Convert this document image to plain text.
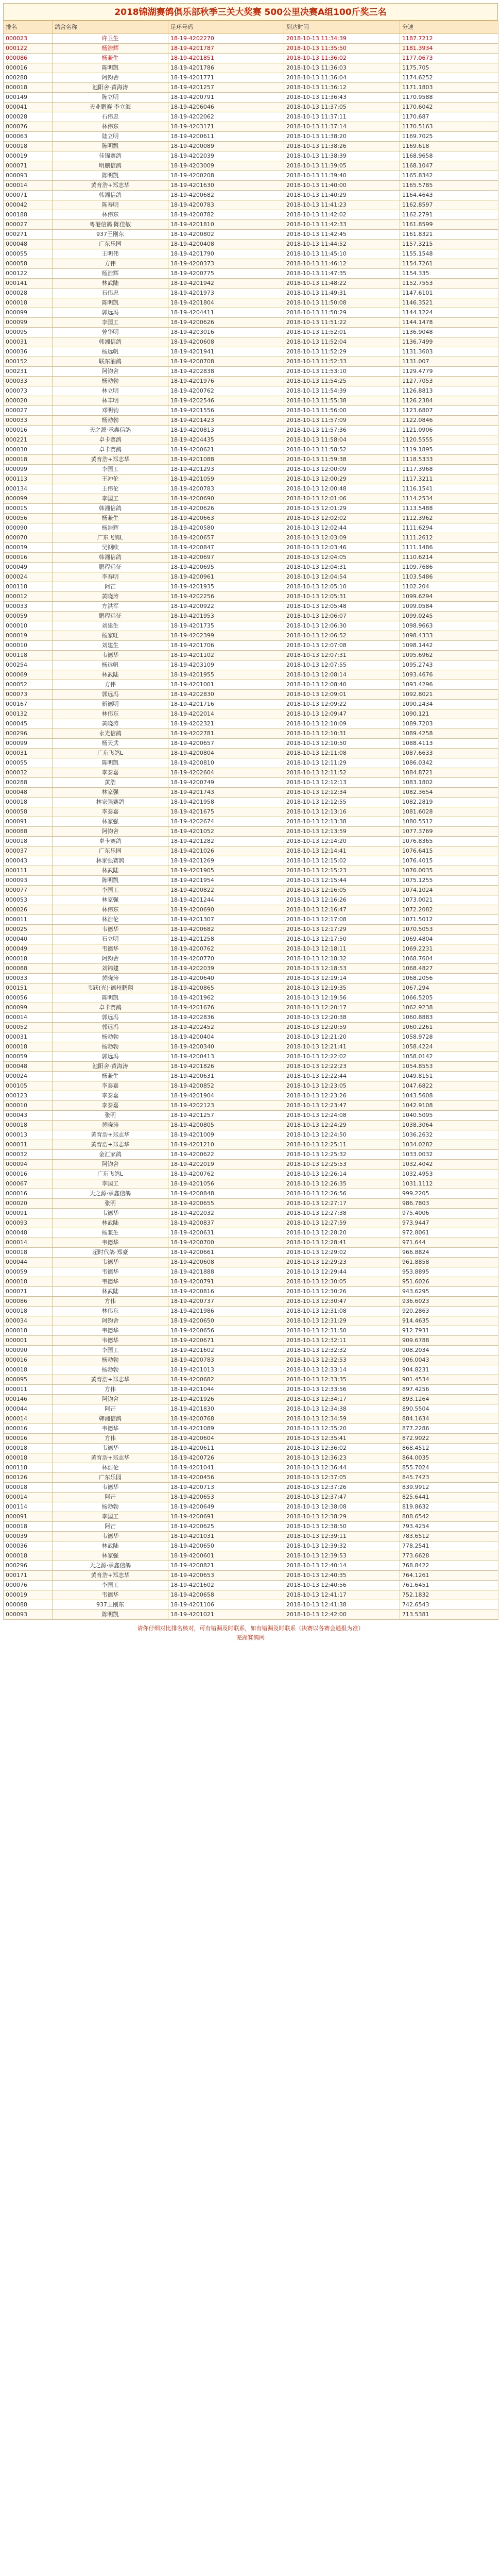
2018锦湖赛鸽俱乐部秋季三关大奖赛 500公里决赛A组100斤奖三名
排名	鸽舍名称	足环号码	到达时间	分速
000023	许卫生	18-19-4202270	2018-10-13 11:34:39	1187.7212
000122	杨浩辉	18-19-4201787	2018-10-13 11:35:50	1181.3934
000086	杨兼生	18-19-4201851	2018-10-13 11:36:02	1177.0673
000016	陈明凯	18-19-4201786	2018-10-13 11:36:03	1175.705
000288	阿钧舍	18-19-4201771	2018-10-13 11:36:04	1174.6252
000018	池阳舍·黄海涛	18-19-4201257	2018-10-13 11:36:12	1171.1803
000149	陈立明	18-19-4200791	2018-10-13 11:36:43	1170.9588
000041	天业鹏赛·李立海	18-19-4206046	2018-10-13 11:37:05	1170.6042
000028	石伟忠	18-19-4202062	2018-10-13 11:37:11	1170.687
000076	林伟东	18-19-4203171	2018-10-13 11:37:14	1170.5163
000063	陆立明	18-19-4200611	2018-10-13 11:38:20	1169.7025
000018	陈明凯	18-19-4200089	2018-10-13 11:38:26	1169.618
000019	佳锦赛鸽	18-19-4202039	2018-10-13 11:38:39	1168.9658
000071	明鹏信鸽	18-19-4203009	2018-10-13 11:39:05	1168.1047
000093	陈明凯	18-19-4200208	2018-10-13 11:39:40	1165.8342
000014	黄育浩+郑志华	18-19-4201630	2018-10-13 11:40:00	1165.5785
000071	韩湘信鸽	18-19-4200682	2018-10-13 11:40:29	1164.4643
000042	陈寿明	18-19-4200783	2018-10-13 11:41:23	1162.8597
000188	林伟东	18-19-4200782	2018-10-13 11:42:02	1162.2791
000027	粤港信鸽·陈佳敏	18-19-4201810	2018-10-13 11:42:33	1161.8599
000271	937王刚东	18-19-4200802	2018-10-13 11:42:45	1161.8321
000048	广东乐园	18-19-4200408	2018-10-13 11:44:52	1157.3215
000055	王明伟	18-19-4201790	2018-10-13 11:45:10	1155.1548
000058	方伟	18-19-4200373	2018-10-13 11:46:12	1154.7261
000122	杨浩辉	18-19-4200775	2018-10-13 11:47:35	1154.335
000141	林武陆	18-19-4201942	2018-10-13 11:48:22	1152.7553
000028	石伟忠	18-19-4201973	2018-10-13 11:49:31	1147.6101
000018	陈明凯	18-19-4201804	2018-10-13 11:50:08	1146.3521
000099	郭远冯	18-19-4204411	2018-10-13 11:50:29	1144.1224
000099	李国工	18-19-4200626	2018-10-13 11:51:22	1144.1478
000095	曾华明	18-19-4203016	2018-10-13 11:52:01	1136.9048
000031	韩湘信鸽	18-19-4200608	2018-10-13 11:52:04	1136.7499
000036	杨远帆	18-19-4201941	2018-10-13 11:52:29	1131.3603
000152	联东油鸽	18-19-4200708	2018-10-13 11:52:33	1131.007
000231	阿钧舍	18-19-4202838	2018-10-13 11:53:10	1129.4779
000033	杨勃勃	18-19-4201976	2018-10-13 11:54:25	1127.7053
000073	林立明	18-19-4200762	2018-10-13 11:54:39	1126.8813
000020	林丰明	18-19-4202546	2018-10-13 11:55:38	1126.2384
000027	邓明钧	18-19-4201556	2018-10-13 11:56:00	1123.6807
000033	杨勃勃	18-19-4201423	2018-10-13 11:57:09	1122.0846
000016	天之源·承鑫信鸽	18-19-4200813	2018-10-13 11:57:36	1121.0906
000221	卓卡赛鸽	18-19-4204435	2018-10-13 11:58:04	1120.5555
000030	卓卡赛鸽	18-19-4200621	2018-10-13 11:58:52	1119.1895
000018	黄育浩+郑志华	18-19-4201088	2018-10-13 11:59:38	1118.5333
000099	李国工	18-19-4201293	2018-10-13 12:00:09	1117.3968
000113	王冲伦	18-19-4201059	2018-10-13 12:00:29	1117.3211
000134	王伟伦	18-19-4200783	2018-10-13 12:00:48	1116.1541
000099	李国工	18-19-4200690	2018-10-13 12:01:06	1114.2534
000015	韩湘信鸽	18-19-4200626	2018-10-13 12:01:29	1113.5488
000056	杨兼生	18-19-4200663	2018-10-13 12:02:02	1112.3962
000090	杨浩辉	18-19-4200580	2018-10-13 12:02:44	1111.6294
000070	广东飞鸽L	18-19-4200657	2018-10-13 12:03:09	1111.2612
000039	吴钢欧	18-19-4200847	2018-10-13 12:03:46	1111.1486
000016	韩湘信鸽	18-19-4200697	2018-10-13 12:04:05	1110.6214
000049	鹏程远征	18-19-4200695	2018-10-13 12:04:31	1109.7686
000024	李春明	18-19-4200961	2018-10-13 12:04:54	1103.5486
000118	阿芒	18-19-4201935	2018-10-13 12:05:10	1102.204
000012	黄晓涛	18-19-4202256	2018-10-13 12:05:31	1099.6294
000033	方洪军	18-19-4200922	2018-10-13 12:05:48	1099.0584
000059	鹏程远征	18-19-4201953	2018-10-13 12:06:07	1099.0245
000010	刘建生	18-19-4201735	2018-10-13 12:06:30	1098.9663
000019	杨家旺	18-19-4202399	2018-10-13 12:06:52	1098.4333
000010	刘建生	18-19-4201706	2018-10-13 12:07:08	1098.1442
000118	韦德华	18-19-4201102	2018-10-13 12:07:31	1095.6962
000254	杨远帆	18-19-4203109	2018-10-13 12:07:55	1095.2743
000069	林武陆	18-19-4201955	2018-10-13 12:08:14	1093.4676
000052	方伟	18-19-4201001	2018-10-13 12:08:40	1093.4296
000073	郭远冯	18-19-4202830	2018-10-13 12:09:01	1092.8021
000167	新德明	18-19-4201716	2018-10-13 12:09:22	1090.2434
000132	林伟东	18-19-4202014	2018-10-13 12:09:47	1090.121
000045	黄晓涛	18-19-4202321	2018-10-13 12:10:09	1089.7203
000296	永光信鸽	18-19-4202781	2018-10-13 12:10:31	1089.4258
000099	杨天武	18-19-4200657	2018-10-13 12:10:50	1088.4113
000031	广东飞鸽L	18-19-4200804	2018-10-13 12:11:08	1087.6633
000055	陈明凯	18-19-4200810	2018-10-13 12:11:29	1086.0342
000032	李泰嘉	18-19-4202604	2018-10-13 12:11:52	1084.8721
000288	黄浩	18-19-4200749	2018-10-13 12:12:13	1083.1802
000048	林家强	18-19-4201743	2018-10-13 12:12:34	1082.3654
000018	林家强赛鸽	18-19-4201958	2018-10-13 12:12:55	1082.2819
000058	李泰嘉	18-19-4201675	2018-10-13 12:13:16	1081.6028
000091	林家强	18-19-4202674	2018-10-13 12:13:38	1080.5512
000088	阿钧舍	18-19-4201052	2018-10-13 12:13:59	1077.3769
000018	卓卡赛鸽	18-19-4201282	2018-10-13 12:14:20	1076.8365
000037	广东乐园	18-19-4201026	2018-10-13 12:14:41	1076.6415
000043	林家强赛鸽	18-19-4201269	2018-10-13 12:15:02	1076.4015
000111	林武陆	18-19-4201905	2018-10-13 12:15:23	1076.0035
000093	陈明凯	18-19-4201954	2018-10-13 12:15:44	1075.1255
000077	李国工	18-19-4200822	2018-10-13 12:16:05	1074.1024
000053	林家强	18-19-4201244	2018-10-13 12:16:26	1073.0021
000026	林伟东	18-19-4200690	2018-10-13 12:16:47	1072.2082
000011	林浩伦	18-19-4201307	2018-10-13 12:17:08	1071.5012
000025	韦德华	18-19-4200682	2018-10-13 12:17:29	1070.5053
000040	石立明	18-19-4201258	2018-10-13 12:17:50	1069.4804
000049	韦德华	18-19-4200762	2018-10-13 12:18:11	1069.2231
000018	阿钧舍	18-19-4200770	2018-10-13 12:18:32	1068.7604
000088	刘锦建	18-19-4202039	2018-10-13 12:18:53	1068.4827
000033	黄晓涛	18-19-4200640	2018-10-13 12:19:14	1068.2056
000151	韦跃(光)·德州鹏翔	18-19-4200865	2018-10-13 12:19:35	1067.294
000056	陈明凯	18-19-4201962	2018-10-13 12:19:56	1066.5205
000099	卓卡赛鸽	18-19-4201676	2018-10-13 12:20:17	1062.9238
000014	郭远冯	18-19-4202836	2018-10-13 12:20:38	1060.8883
000052	郭远冯	18-19-4202452	2018-10-13 12:20:59	1060.2261
000031	杨勃勃	18-19-4200404	2018-10-13 12:21:20	1058.9728
000018	杨勃勃	18-19-4200340	2018-10-13 12:21:41	1058.4224
000059	郭远冯	18-19-4200413	2018-10-13 12:22:02	1058.0142
000048	池阳舍·黄海涛	18-19-4201826	2018-10-13 12:22:23	1054.8553
000024	杨兼生	18-19-4200631	2018-10-13 12:22:44	1049.8151
000105	李泰嘉	18-19-4200852	2018-10-13 12:23:05	1047.6822
000123	李泰嘉	18-19-4201904	2018-10-13 12:23:26	1043.5608
000010	李泰嘉	18-19-4202123	2018-10-13 12:23:47	1042.9108
000043	张明	18-19-4201257	2018-10-13 12:24:08	1040.5095
000018	黄晓涛	18-19-4200805	2018-10-13 12:24:29	1038.3064
000013	黄育浩+郑志华	18-19-4201009	2018-10-13 12:24:50	1036.2632
000031	黄育浩+郑志华	18-19-4201210	2018-10-13 12:25:11	1034.0282
000032	金汇家鸽	18-19-4200622	2018-10-13 12:25:32	1033.0032
000094	阿钧舍	18-19-4202019	2018-10-13 12:25:53	1032.4042
000016	广东飞鸽L	18-19-4200762	2018-10-13 12:26:14	1032.4953
000067	李国工	18-19-4201056	2018-10-13 12:26:35	1031.1112
000016	天之源·承鑫信鸽	18-19-4200848	2018-10-13 12:26:56	999.2205
000020	张明	18-19-4200655	2018-10-13 12:27:17	986.7803
000091	韦德华	18-19-4202032	2018-10-13 12:27:38	975.4006
000093	林武陆	18-19-4200837	2018-10-13 12:27:59	973.9447
000048	杨兼生	18-19-4200631	2018-10-13 12:28:20	972.8061
000014	韦德华	18-19-4200700	2018-10-13 12:28:41	971.644
000018	超时代鸽·郑豪	18-19-4200661	2018-10-13 12:29:02	966.8824
000044	韦德华	18-19-4200608	2018-10-13 12:29:23	961.8858
000059	韦德华	18-19-4201888	2018-10-13 12:29:44	953.8895
000018	韦德华	18-19-4200791	2018-10-13 12:30:05	951.6026
000071	林武陆	18-19-4200816	2018-10-13 12:30:26	943.6295
000086	方伟	18-19-4200737	2018-10-13 12:30:47	936.6023
000018	林伟东	18-19-4201986	2018-10-13 12:31:08	920.2863
000034	阿钧舍	18-19-4200650	2018-10-13 12:31:29	914.4635
000018	韦德华	18-19-4200656	2018-10-13 12:31:50	912.7931
000001	韦德华	18-19-4200671	2018-10-13 12:32:11	909.6788
000090	李国工	18-19-4201602	2018-10-13 12:32:32	908.2034
000016	杨勃勃	18-19-4200783	2018-10-13 12:32:53	906.0043
000018	杨勃勃	18-19-4201013	2018-10-13 12:33:14	904.8231
000095	黄育浩+郑志华	18-19-4200682	2018-10-13 12:33:35	901.4534
000011	方伟	18-19-4201044	2018-10-13 12:33:56	897.4256
000146	阿钧舍	18-19-4201926	2018-10-13 12:34:17	893.1264
000044	阿芒	18-19-4201830	2018-10-13 12:34:38	890.5504
000014	韩湘信鸽	18-19-4200768	2018-10-13 12:34:59	884.1634
000016	韦德华	18-19-4201089	2018-10-13 12:35:20	877.2286
000016	方伟	18-19-4200604	2018-10-13 12:35:41	872.9022
000018	韦德华	18-19-4200611	2018-10-13 12:36:02	868.4512
000018	黄育浩+郑志华	18-19-4200726	2018-10-13 12:36:23	864.0035
000118	林浩伦	18-19-4201041	2018-10-13 12:36:44	855.7024
000126	广东乐园	18-19-4200456	2018-10-13 12:37:05	845.7423
000018	韦德华	18-19-4200713	2018-10-13 12:37:26	839.9912
000014	阿芒	18-19-4200653	2018-10-13 12:37:47	825.6441
000114	杨勃勃	18-19-4200649	2018-10-13 12:38:08	819.8632
000091	李国工	18-19-4200691	2018-10-13 12:38:29	808.6542
000018	阿芒	18-19-4200625	2018-10-13 12:38:50	793.4254
000039	韦德华	18-19-4201031	2018-10-13 12:39:11	783.6512
000036	林武陆	18-19-4200650	2018-10-13 12:39:32	778.2541
000018	林家强	18-19-4200601	2018-10-13 12:39:53	773.6628
000296	天之源·承鑫信鸽	18-19-4200821	2018-10-13 12:40:14	768.8422
000171	黄育浩+郑志华	18-19-4200653	2018-10-13 12:40:35	764.1261
000076	李国工	18-19-4201602	2018-10-13 12:40:56	761.6451
000019	韦德华	18-19-4200658	2018-10-13 12:41:17	752.1832
000088	937王刚东	18-19-4201106	2018-10-13 12:41:38	742.6543
000093	陈明凯	18-19-4201021	2018-10-13 12:42:00	713.5381
请你仔细对比排名核对，可有错漏及时联系，如有错漏及时联系（决赛以各赛会通报为准）
芜湖赛鸽网
